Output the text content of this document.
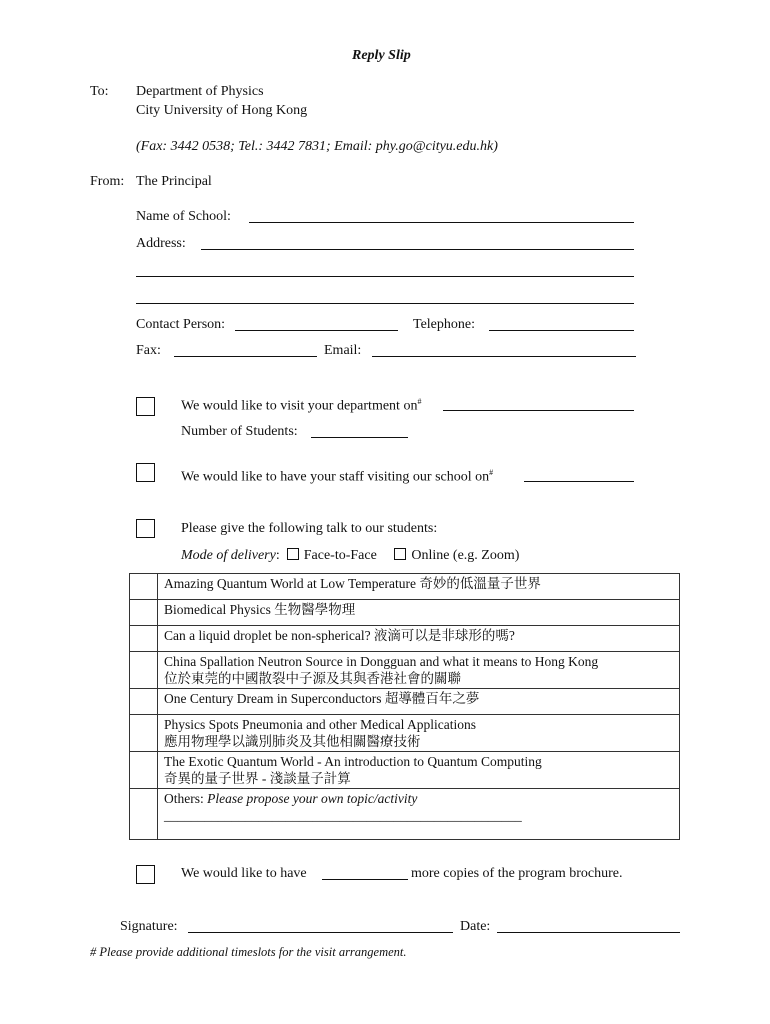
Reply Slip
To: Department of Physics
City University of Hong Kong
(Fax: 3442 0538; Tel.: 3442 7831; Email: phy.go@cityu.edu.hk)
From: The Principal
Name of School:
Address:
Contact Person:	Telephone:
Fax:	Email:
We would like to visit your department on#
Number of Students:
We would like to have your staff visiting our school on#
Please give the following talk to our students:
Mode of delivery: Face-to-Face Online (e.g. Zoom)

	Amazing Quantum World at Low Temperature 奇妙的低溫量子世界

	Biomedical Physics 生物醫學物理

	Can a liquid droplet be non-spherical? 液滴可以是非球形的嗎?

	China Spallation Neutron Source in Dongguan and what it means to Hong Kong
位於東莞的中國散裂中子源及其與香港社會的關聯

	One Century Dream in Superconductors 超導體百年之夢

	Physics Spots Pneumonia and other Medical Applications
應用物理學以識別肺炎及其他相關醫療技術

	The Exotic Quantum World - An introduction to Quantum Computing
奇異的量子世界 - 淺談量子計算

	Others: Please propose your own topic/activity
_____________________________________________________
We would like to have	more copies of the program brochure.
Signature:	Date:
# Please provide additional timeslots for the visit arrangement.
